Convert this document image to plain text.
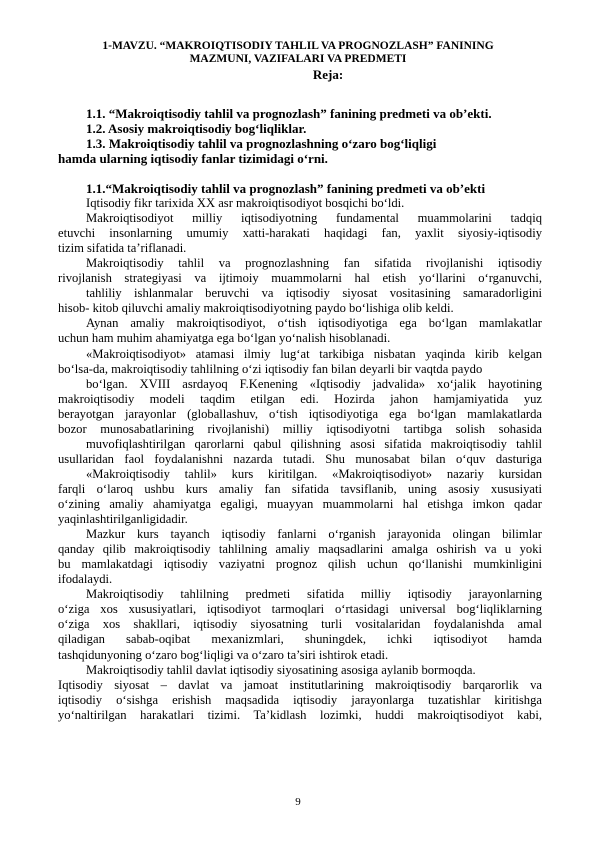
1-MAVZU. “MAKROIQTISODIY TAHLIL VA PROGNOZLASH” FANINING
MAZMUNI, VAZIFALARI VA PREDMETI
Reja:
1.1. “Makroiqtisodiy tahlil va prognozlash” fanining predmeti va ob’ekti.
1.2. Asosiy makroiqtisodiy bog‘liqliklar.
1.3. Makroiqtisodiy tahlil va prognozlashning o‘zaro bog‘liqligi
hamda ularning iqtisodiy fanlar tizimidagi o‘rni.
1.1.“Makroiqtisodiy tahlil va prognozlash” fanining predmeti va ob’ekti
Iqtisodiy fikr tarixida XX asr makroiqtisodiyot bosqichi bo‘ldi.
Makroiqtisodiyot milliy iqtisodiyotning fundamental muammolarini tadqiq
etuvchi insonlarning umumiy xatti-harakati haqidagi fan, yaxlit siyosiy-iqtisodiy
tizim sifatida ta’riflanadi.
Makroiqtisodiy tahlil va prognozlashning fan sifatida rivojlanishi iqtisodiy
rivojlanish strategiyasi va ijtimoiy muammolarni hal etish yo‘llarini o‘rganuvchi,
tahliliy ishlanmalar beruvchi va iqtisodiy siyosat vositasining samaradorligini
hisob- kitob qiluvchi amaliy makroiqtisodiyotning paydo bo‘lishiga olib keldi.
Aynan amaliy makroiqtisodiyot, o‘tish iqtisodiyotiga ega bo‘lgan mamlakatlar
uchun ham muhim ahamiyatga ega bo‘lgan yo‘nalish hisoblanadi.
«Makroiqtisodiyot» atamasi ilmiy lug‘at tarkibiga nisbatan yaqinda kirib kelgan
bo‘lsa-da, makroiqtisodiy tahlilning o‘zi iqtisodiy fan bilan deyarli bir vaqtda paydo
bo‘lgan. XVIII asrdayoq F.Kenening «Iqtisodiy jadvalida» xo‘jalik hayotining
makroiqtisodiy modeli taqdim etilgan edi. Hozirda jahon hamjamiyatida yuz
berayotgan jarayonlar (globallashuv, o‘tish iqtisodiyotiga ega bo‘lgan mamlakatlarda
bozor munosabatlarining rivojlanishi) milliy iqtisodiyotni tartibga solish sohasida
muvofiqlashtirilgan qarorlarni qabul qilishning asosi sifatida makroiqtisodiy tahlil
usullaridan faol foydalanishni nazarda tutadi. Shu munosabat bilan o‘quv dasturiga
«Makroiqtisodiy tahlil» kurs kiritilgan. «Makroiqtisodiyot» nazariy kursidan
farqli o‘laroq ushbu kurs amaliy fan sifatida tavsiflanib, uning asosiy xususiyati
o‘zining amaliy ahamiyatga egaligi, muayyan muammolarni hal etishga imkon qadar
yaqinlashtirilganligidadir.
Mazkur kurs tayanch iqtisodiy fanlarni o‘rganish jarayonida olingan bilimlar
qanday qilib makroiqtisodiy tahlilning amaliy maqsadlarini amalga oshirish va u yoki
bu mamlakatdagi iqtisodiy vaziyatni prognoz qilish uchun qo‘llanishi mumkinligini
ifodalaydi.
Makroiqtisodiy tahlilning predmeti sifatida milliy iqtisodiy jarayonlarning
o‘ziga xos xususiyatlari, iqtisodiyot tarmoqlari o‘rtasidagi universal bog‘liqliklarning
o‘ziga xos shakllari, iqtisodiy siyosatning turli vositalaridan foydalanishda amal
qiladigan sabab-oqibat mexanizmlari, shuningdek, ichki iqtisodiyot hamda
tashqidunyoning o‘zaro bog‘liqligi va o‘zaro ta’siri ishtirok etadi.
Makroiqtisodiy tahlil davlat iqtisodiy siyosatining asosiga aylanib bormoqda.
Iqtisodiy siyosat – davlat va jamoat institutlarining makroiqtisodiy barqarorlik va
iqtisodiy o‘sishga erishish maqsadida iqtisodiy jarayonlarga tuzatishlar kiritishga
yo‘naltirilgan harakatlari tizimi. Ta’kidlash lozimki, huddi makroiqtisodiyot kabi,
9
